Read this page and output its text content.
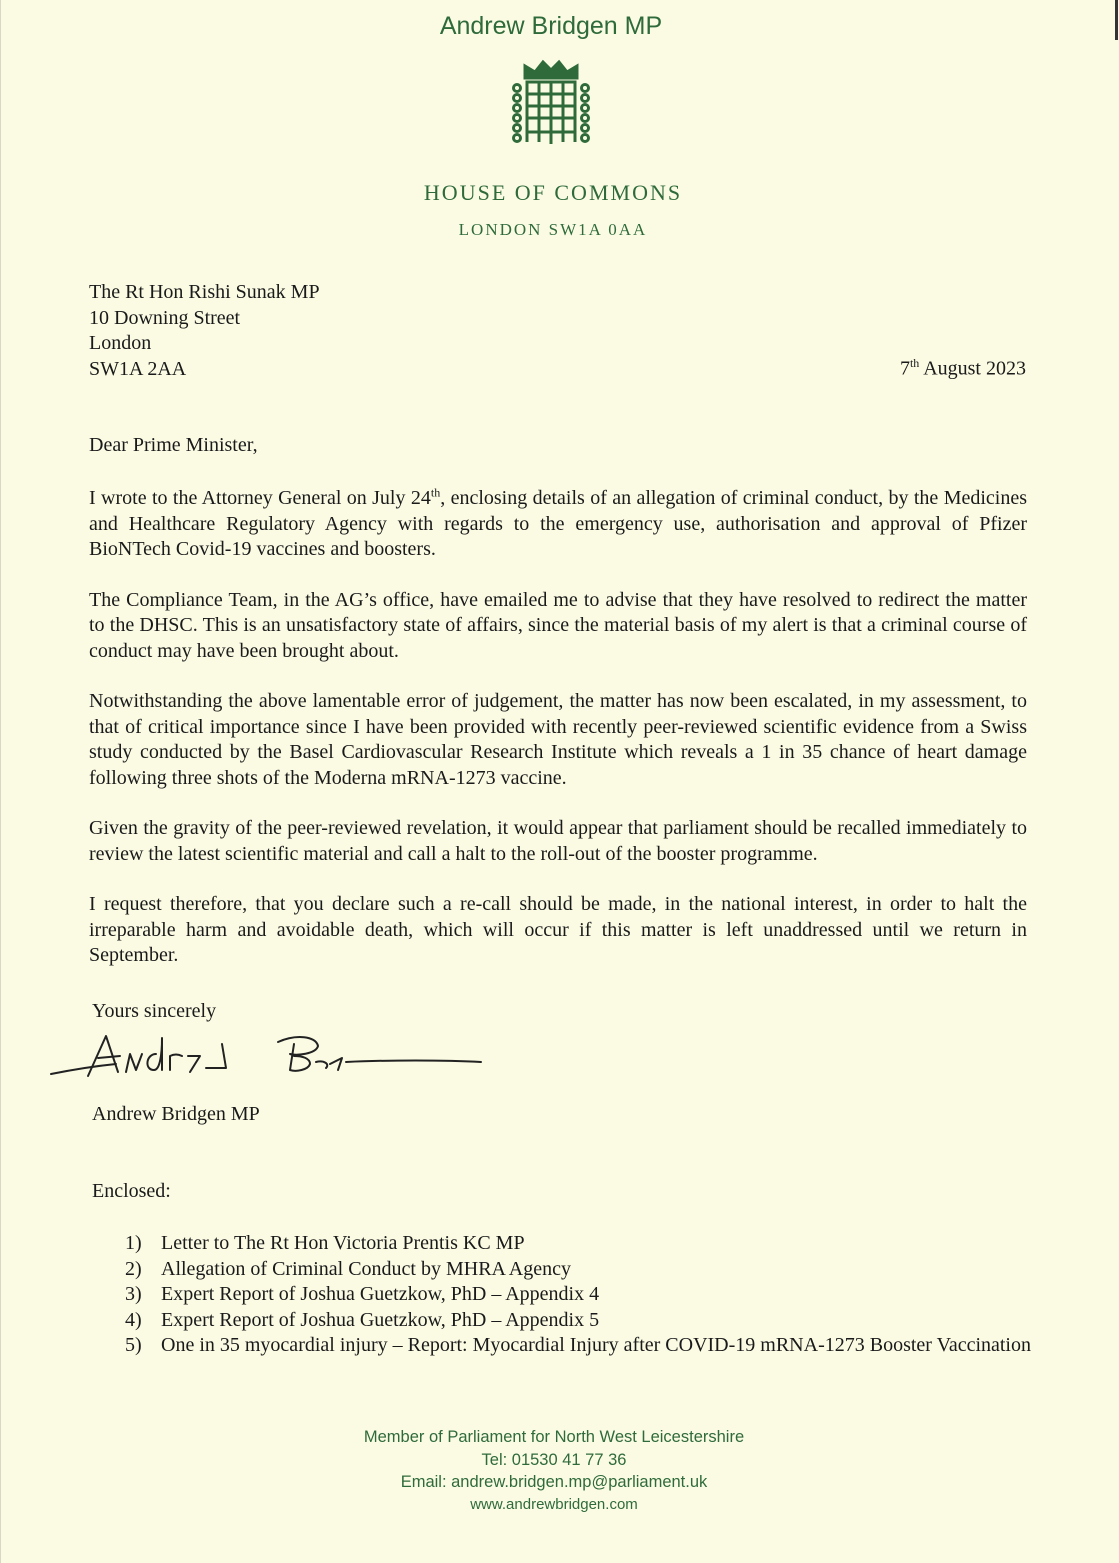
Andrew Bridgen MP
HOUSE OF COMMONS
LONDON SW1A 0AA
The Rt Hon Rishi Sunak MP
10 Downing Street
London
SW1A 2AA	7th August 2023
Dear Prime Minister,

I wrote to the Attorney General on July 24th, enclosing details of an allegation of criminal conduct, by the Medicines and Healthcare Regulatory Agency with regards to the emergency use, authorisation and approval of Pfizer BioNTech Covid-19 vaccines and boosters.

The Compliance Team, in the AG’s office, have emailed me to advise that they have resolved to redirect the matter to the DHSC. This is an unsatisfactory state of affairs, since the material basis of my alert is that a criminal course of conduct may have been brought about.

Notwithstanding the above lamentable error of judgement, the matter has now been escalated, in my assessment, to that of critical importance since I have been provided with recently peer-reviewed scientific evidence from a Swiss study conducted by the Basel Cardiovascular Research Institute which reveals a 1 in 35 chance of heart damage following three shots of the Moderna mRNA-1273 vaccine.

Given the gravity of the peer-reviewed revelation, it would appear that parliament should be recalled immediately to review the latest scientific material and call a halt to the roll-out of the booster programme.

I request therefore, that you declare such a re-call should be made, in the national interest, in order to halt the irreparable harm and avoidable death, which will occur if this matter is left unaddressed until we return in September.

Yours sincerely
Andrew Bridgen MP
Enclosed:
1) Letter to The Rt Hon Victoria Prentis KC MP
2) Allegation of Criminal Conduct by MHRA Agency
3) Expert Report of Joshua Guetzkow, PhD – Appendix 4
4) Expert Report of Joshua Guetzkow, PhD – Appendix 5
5) One in 35 myocardial injury – Report: Myocardial Injury after COVID-19 mRNA-1273 Booster Vaccination
Member of Parliament for North West Leicestershire
Tel: 01530 41 77 36
Email: andrew.bridgen.mp@parliament.uk
www.andrewbridgen.com
